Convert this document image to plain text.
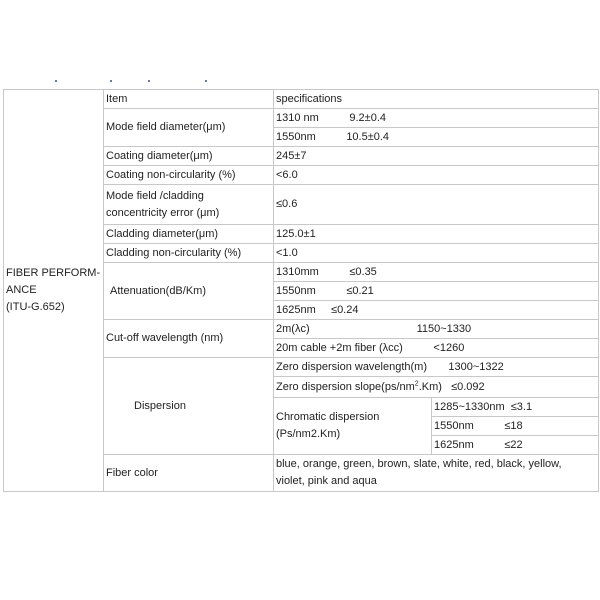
FIBER PERFORM-
ANCE
(ITU-G.652)	Item	specifications	
	Mode field diameter(μm)	1310 nm          9.2±0.4	
		1550nm          10.5±0.4	
	Coating diameter(μm)	245±7	
	Coating non-circularity (%)	<6.0	

	Mode field /cladding
concentricity error (μm)	≤0.6	
	Cladding diameter(μm)	125.0±1	
	Cladding non-circularity (%)	<1.0	
	Attenuation(dB/Km)	1310mm          ≤0.35	
		1550nm          ≤0.21	
		1625nm     ≤0.24	
	Cut-off wavelength (nm)	2m(λc)                                   1150~1330	
		20m cable +2m fiber (λcc)          <1260	
	Dispersion	Zero dispersion wavelength(m)       1300~1322	
		Zero dispersion $slope(ps/nm^2.Km) \le 0.092$	

		Chromatic dispersion
(Ps/nm2.Km)	1285~1330nm  ≤3.1
			1550nm          ≤18
			1625nm          ≤22
	Fiber color	blue, orange, green, brown, slate, white, red, black, yellow,
violet, pink and aqua	
